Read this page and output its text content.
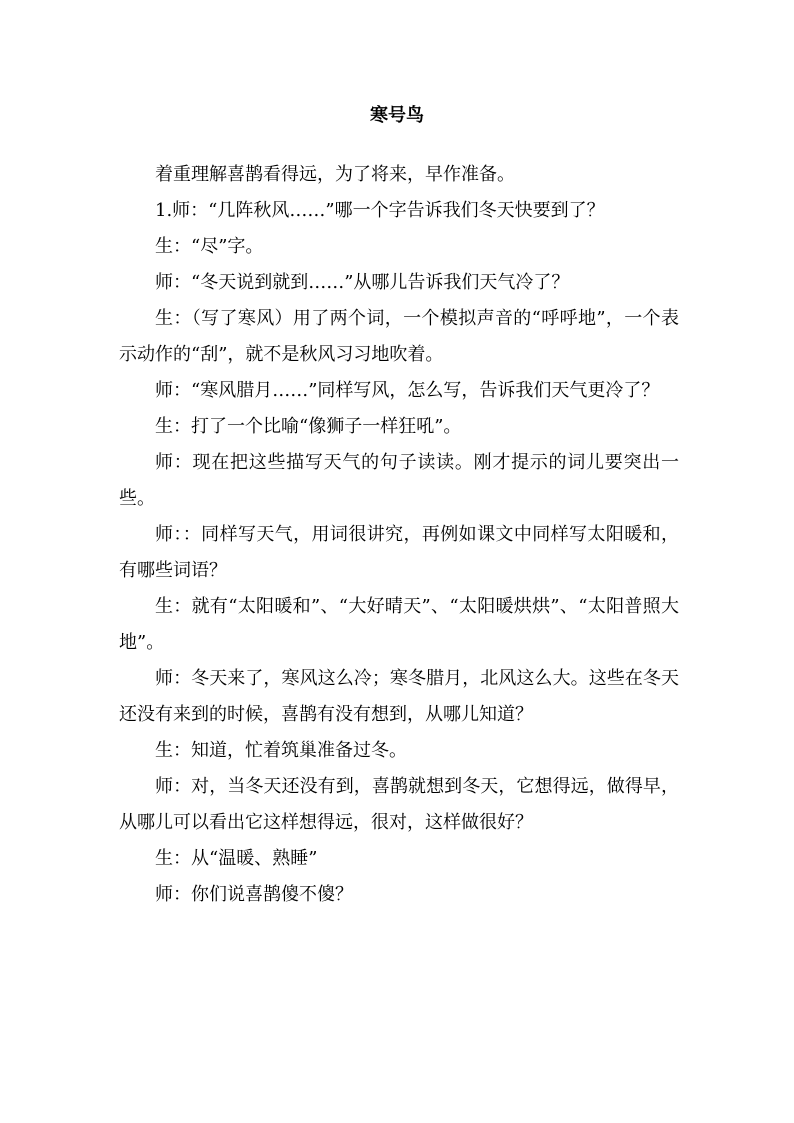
寒号鸟

着重理解喜鹊看得远，为了将来，早作准备。

1.师：“几阵秋风……”哪一个字告诉我们冬天快要到了？

生：“尽”字。

师：“冬天说到就到……”从哪儿告诉我们天气冷了？

生：（写了寒风）用了两个词，一个模拟声音的“呼呼地”，一个表示动作的“刮”，就不是秋风习习地吹着。

师：“寒风腊月……”同样写风，怎么写，告诉我们天气更冷了？

生：打了一个比喻“像狮子一样狂吼”。

师：现在把这些描写天气的句子读读。刚才提示的词儿要突出一些。

师：：同样写天气，用词很讲究，再例如课文中同样写太阳暖和，有哪些词语？

生：就有“太阳暖和”、“大好晴天”、“太阳暖烘烘”、“太阳普照大地”。

师：冬天来了，寒风这么冷；寒冬腊月，北风这么大。这些在冬天还没有来到的时候，喜鹊有没有想到，从哪儿知道？

生：知道，忙着筑巢准备过冬。

师：对，当冬天还没有到，喜鹊就想到冬天，它想得远，做得早，从哪儿可以看出它这样想得远，很对，这样做很好？

生：从“温暖、熟睡”

师：你们说喜鹊傻不傻？
